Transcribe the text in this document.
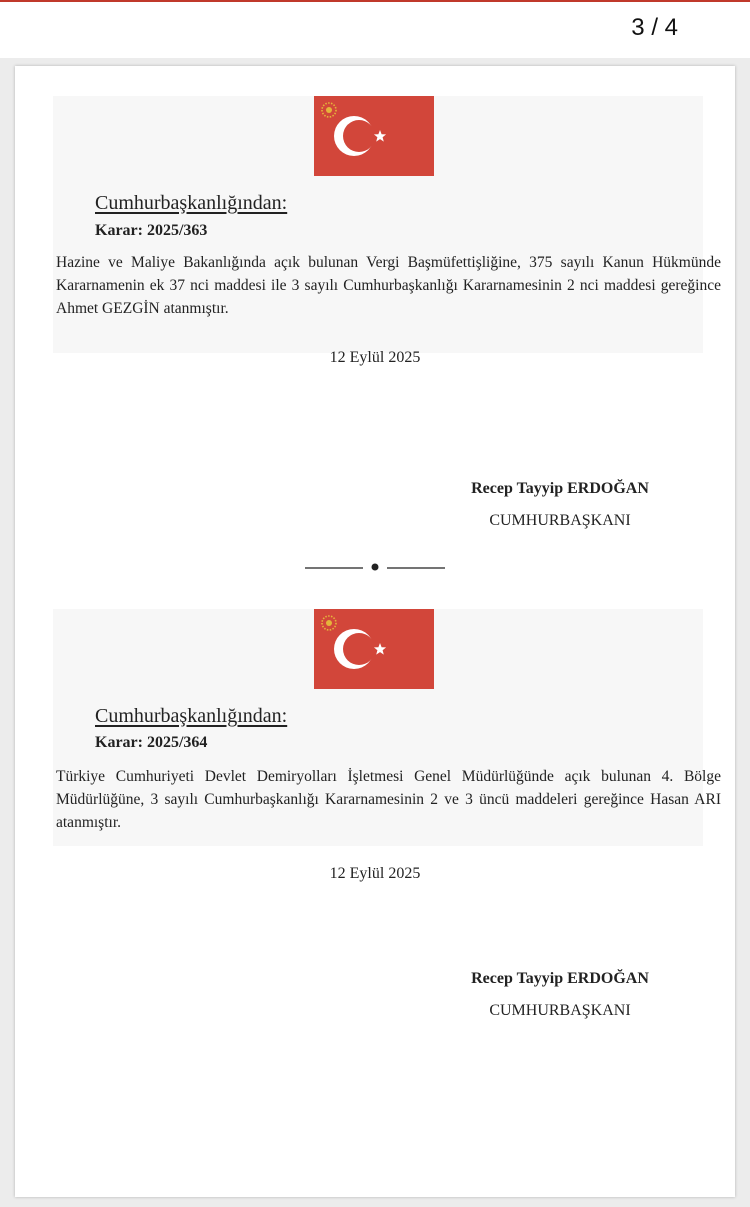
3 / 4
Cumhurbaşkanlığından:
Karar: 2025/363
Hazine ve Maliye Bakanlığında açık bulunan Vergi Başmüfettişliğine, 375 sayılı Kanun Hükmünde Kararnamenin ek 37 nci maddesi ile 3 sayılı Cumhurbaşkanlığı Kararnamesinin 2 nci maddesi gereğince Ahmet GEZGİN atanmıştır.
12 Eylül 2025
Recep Tayyip ERDOĞAN
CUMHURBAŞKANI
Cumhurbaşkanlığından:
Karar: 2025/364
Türkiye Cumhuriyeti Devlet Demiryolları İşletmesi Genel Müdürlüğünde açık bulunan 4. Bölge Müdürlüğüne, 3 sayılı Cumhurbaşkanlığı Kararnamesinin 2 ve 3 üncü maddeleri gereğince Hasan ARI atanmıştır.
12 Eylül 2025
Recep Tayyip ERDOĞAN
CUMHURBAŞKANI
